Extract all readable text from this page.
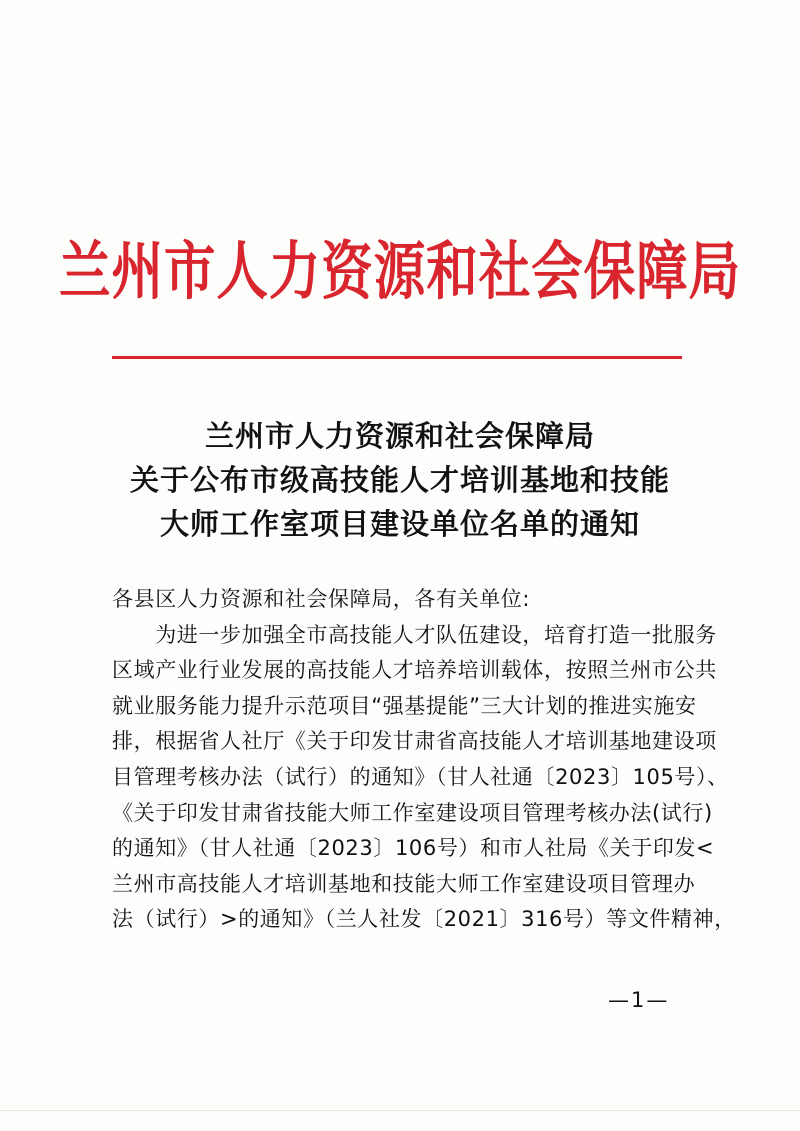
兰州市人力资源和社会保障局
兰州市人力资源和社会保障局
关于公布市级高技能人才培训基地和技能
大师工作室项目建设单位名单的通知
各县区人力资源和社会保障局，各有关单位:
　　为进一步加强全市高技能人才队伍建设，培育打造一批服务
区域产业行业发展的高技能人才培养培训载体，按照兰州市公共
就业服务能力提升示范项目“强基提能”三大计划的推进实施安
排，根据省人社厅《关于印发甘肃省高技能人才培训基地建设项
目管理考核办法（试行）的通知》（甘人社通〔2023〕105号）、
《关于印发甘肃省技能大师工作室建设项目管理考核办法(试行)
的通知》（甘人社通〔2023〕106号）和市人社局《关于印发<
兰州市高技能人才培训基地和技能大师工作室建设项目管理办
法（试行）>的通知》（兰人社发〔2021〕316号）等文件精神，
—1—
